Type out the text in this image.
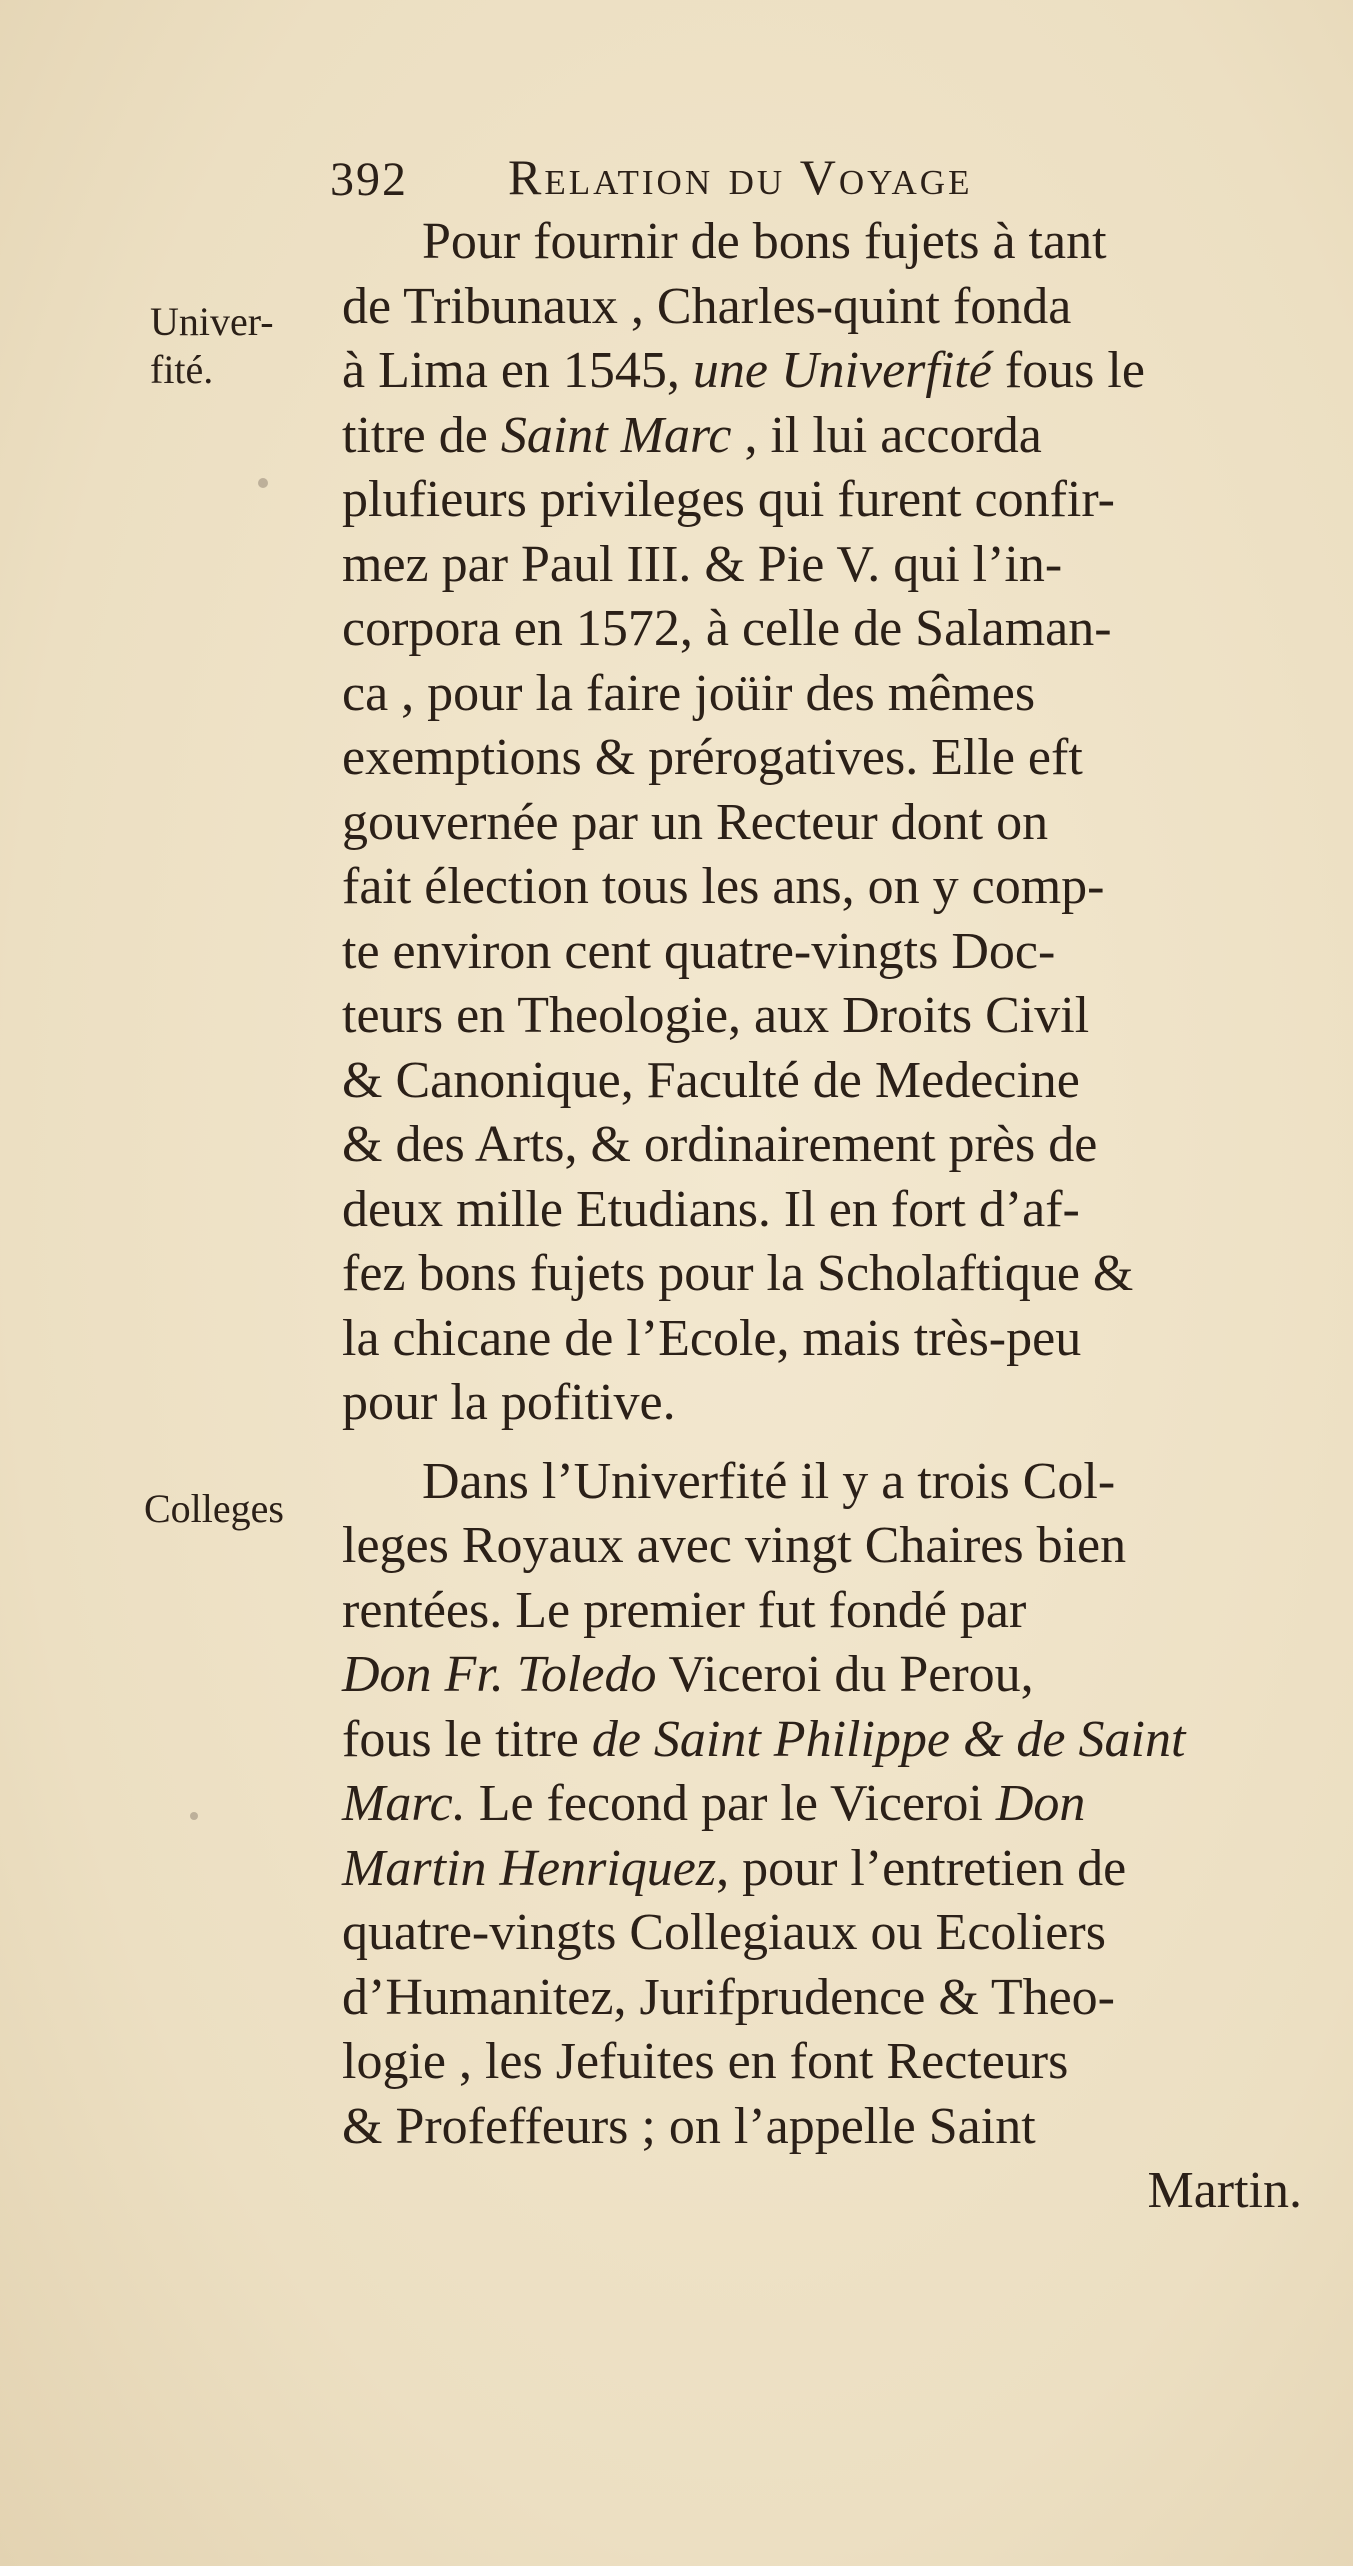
392 Relation du Voyage
Univer-
fité.
Colleges
Pour fournir de bons fujets à tant
de Tribunaux , Charles-quint fonda
à Lima en 1545, une Univerfité fous le
titre de Saint Marc , il lui accorda
plufieurs privileges qui furent confir-
mez par Paul III. & Pie V. qui l’in-
corpora en 1572, à celle de Salaman-
ca , pour la faire joüir des mêmes
exemptions & prérogatives. Elle eft
gouvernée par un Recteur dont on
fait élection tous les ans, on y comp-
te environ cent quatre-vingts Doc-
teurs en Theologie, aux Droits Civil
& Canonique, Faculté de Medecine
& des Arts, & ordinairement près de
deux mille Etudians. Il en fort d’af-
fez bons fujets pour la Scholaftique &
la chicane de l’Ecole, mais très-peu
pour la pofitive.
Dans l’Univerfité il y a trois Col-
leges Royaux avec vingt Chaires bien
rentées. Le premier fut fondé par
Don Fr. Toledo Viceroi du Perou,
fous le titre de Saint Philippe & de Saint
Marc. Le fecond par le Viceroi Don
Martin Henriquez, pour l’entretien de
quatre-vingts Collegiaux ou Ecoliers
d’Humanitez, Jurifprudence & Theo-
logie , les Jefuites en font Recteurs
& Profeffeurs ; on l’appelle Saint
Martin.
